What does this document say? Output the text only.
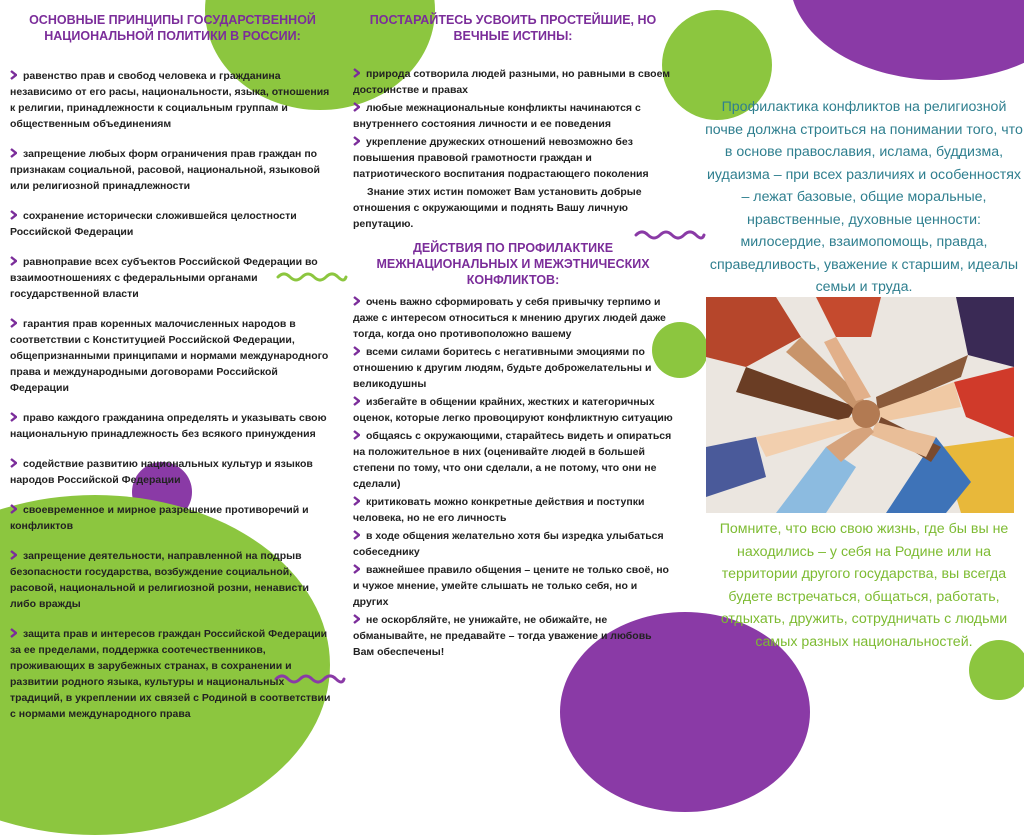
ОСНОВНЫЕ ПРИНЦИПЫ ГОСУДАРСТВЕННОЙ НАЦИОНАЛЬНОЙ ПОЛИТИКИ В РОССИИ:
равенство прав и свобод человека и гражданина независимо от его расы, национальности, языка, отношения к религии, принадлежности к социальным группам и общественным объединениям
запрещение любых форм ограничения прав граждан по признакам социальной, расовой, национальной, языковой или религиозной принадлежности
сохранение исторически сложившейся целостности Российской Федерации
равноправие всех субъектов Российской Федерации во взаимоотношениях с федеральными органами государственной власти
гарантия прав коренных малочисленных народов в соответствии с Конституцией Российской Федерации, общепризнанными принципами и нормами международного права и международными договорами Российской Федерации
право каждого гражданина определять и указывать свою национальную принадлежность без всякого принуждения
содействие развитию национальных культур и языков народов Российской Федерации
своевременное и мирное разрешение противоречий и конфликтов
запрещение деятельности, направленной на подрыв безопасности государства, возбуждение социальной, расовой, национальной и религиозной розни, ненависти либо вражды
защита прав и интересов граждан Российской Федерации за ее пределами, поддержка соотечественников, проживающих в зарубежных странах, в сохранении и развитии родного языка, культуры и национальных традиций, в укреплении их связей с Родиной в соответствии с нормами международного права
ПОСТАРАЙТЕСЬ УСВОИТЬ ПРОСТЕЙШИЕ, НО ВЕЧНЫЕ ИСТИНЫ:
природа сотворила людей разными, но равными в своем достоинстве и правах
любые межнациональные конфликты начинаются с внутреннего состояния личности и ее поведения
укрепление дружеских отношений невозможно без повышения правовой грамотности граждан и патриотического воспитания подрастающего поколения

Знание этих истин поможет Вам установить добрые отношения с окружающими и поднять Вашу личную репутацию.

ДЕЙСТВИЯ ПО ПРОФИЛАКТИКЕ МЕЖНАЦИОНАЛЬНЫХ И МЕЖЭТНИЧЕСКИХ КОНФЛИКТОВ:
очень важно сформировать у себя привычку терпимо и даже с интересом относиться к мнению других людей даже тогда, когда оно противоположно вашему
всеми силами боритесь с негативными эмоциями по отношению к другим людям, будьте доброжелательны и великодушны
избегайте в общении крайних, жестких и категоричных оценок, которые легко провоцируют конфликтную ситуацию
общаясь с окружающими, старайтесь видеть и опираться на положительное в них (оценивайте людей в большей степени по тому, что они сделали, а не потому, что они не сделали)
критиковать можно конкретные действия и поступки человека, но не его личность
в ходе общения желательно хотя бы изредка улыбаться собеседнику
важнейшее правило общения – цените не только своё, но и чужое мнение, умейте слышать не только себя, но и других
не оскорбляйте, не унижайте, не обижайте, не обманывайте, не предавайте – тогда уважение и любовь Вам обеспечены!

Профилактика конфликтов на религиозной почве должна строиться на понимании того, что в основе православия, ислама, буддизма, иудаизма – при всех различиях и особенностях – лежат базовые, общие моральные, нравственные, духовные ценности: милосердие, взаимопомощь, правда, справедливость, уважение к старшим, идеалы семьи и труда.

Помните, что всю свою жизнь, где бы вы не находились – у себя на Родине или на территории другого государства, вы всегда будете встречаться, общаться, работать, отдыхать, дружить, сотрудничать с людьми самых разных национальностей.
